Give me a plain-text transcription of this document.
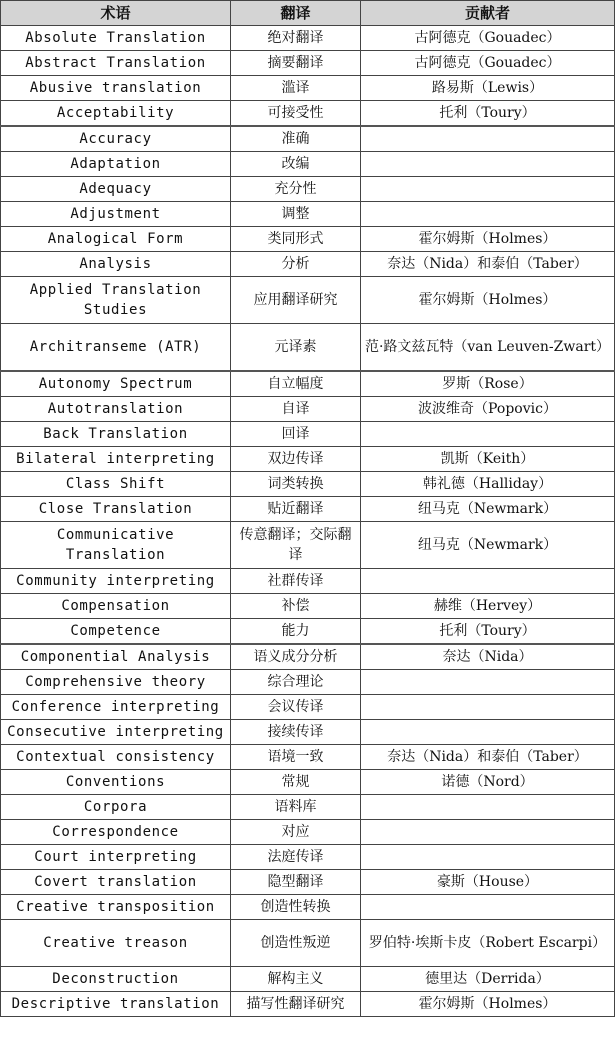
术语	翻译	贡献者
Absolute Translation	绝对翻译	古阿德克（Gouadec）
Abstract Translation	摘要翻译	古阿德克（Gouadec）
Abusive translation	滥译	路易斯（Lewis）
Acceptability	可接受性	托利（Toury）
Accuracy	准确	
Adaptation	改编	
Adequacy	充分性	
Adjustment	调整	
Analogical Form	类同形式	霍尔姆斯（Holmes）
Analysis	分析	奈达（Nida）和泰伯（Taber）
Applied Translation Studies	应用翻译研究	霍尔姆斯（Holmes）
Architranseme (ATR)	元译素	范·路文兹瓦特（van Leuven-Zwart）
Autonomy Spectrum	自立幅度	罗斯（Rose）
Autotranslation	自译	波波维奇（Popovic）
Back Translation	回译	
Bilateral interpreting	双边传译	凯斯（Keith）
Class Shift	词类转换	韩礼德（Halliday）
Close Translation	贴近翻译	纽马克（Newmark）
Communicative Translation	传意翻译；交际翻译	纽马克（Newmark）
Community interpreting	社群传译	
Compensation	补偿	赫维（Hervey）
Competence	能力	托利（Toury）
Componential Analysis	语义成分分析	奈达（Nida）
Comprehensive theory	综合理论	
Conference interpreting	会议传译	
Consecutive interpreting	接续传译	
Contextual consistency	语境一致	奈达（Nida）和泰伯（Taber）
Conventions	常规	诺德（Nord）
Corpora	语料库	
Correspondence	对应	
Court interpreting	法庭传译	
Covert translation	隐型翻译	豪斯（House）
Creative transposition	创造性转换	
Creative treason	创造性叛逆	罗伯特·埃斯卡皮（Robert Escarpi）
Deconstruction	解构主义	德里达（Derrida）
Descriptive translation	描写性翻译研究	霍尔姆斯（Holmes）
